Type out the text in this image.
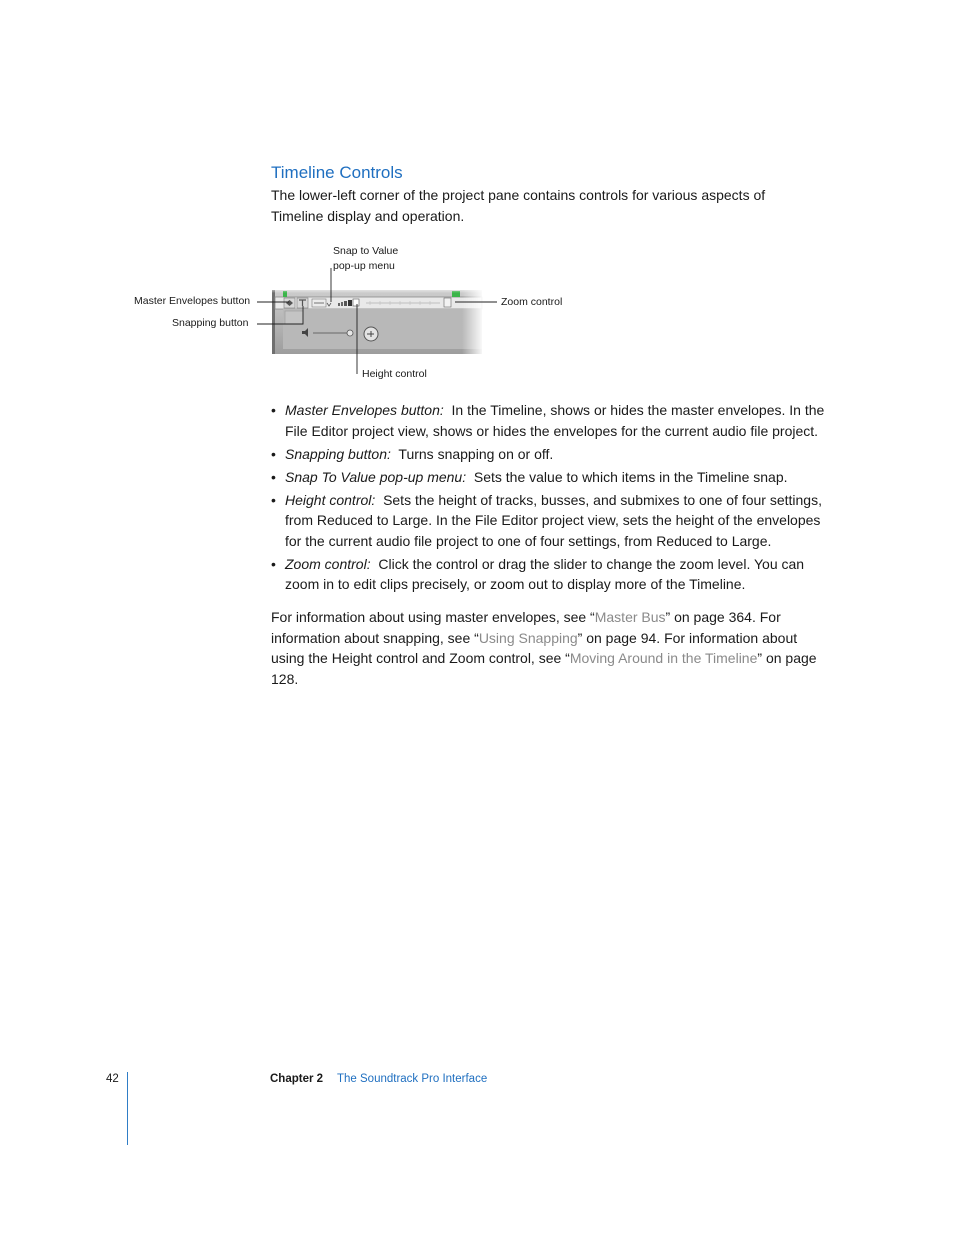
Timeline Controls

The lower-left corner of the project pane contains controls for various aspects of Timeline display and operation.

Snap to Value
pop-up menu
Master Envelopes button
Snapping button
Zoom control
Height control
• Master Envelopes button: In the Timeline, shows or hides the master envelopes. In the File Editor project view, shows or hides the envelopes for the current audio file project.
• Snapping button: Turns snapping on or off.
• Snap To Value pop-up menu: Sets the value to which items in the Timeline snap.
• Height control: Sets the height of tracks, busses, and submixes to one of four settings, from Reduced to Large. In the File Editor project view, sets the height of the envelopes for the current audio file project to one of four settings, from Reduced to Large.
• Zoom control: Click the control or drag the slider to change the zoom level. You can zoom in to edit clips precisely, or zoom out to display more of the Timeline.

For information about using master envelopes, see “Master Bus” on page 364. For information about snapping, see “Using Snapping” on page 94. For information about using the Height control and Zoom control, see “Moving Around in the Timeline” on page 128.

42	Chapter 2 The Soundtrack Pro Interface
